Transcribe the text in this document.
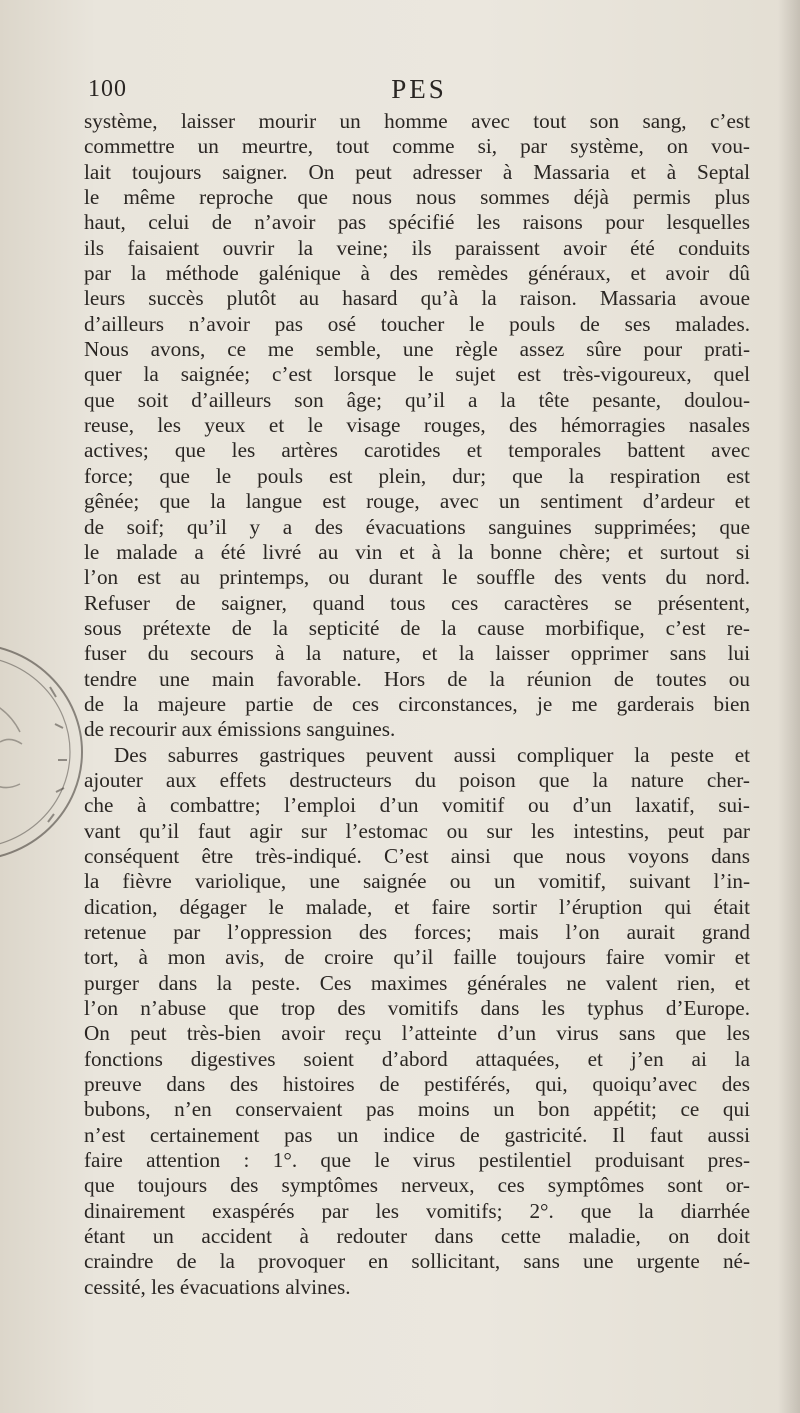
100	PES
système, laisser mourir un homme avec tout son sang, c’est
commettre un meurtre, tout comme si, par système, on vou-
lait toujours saigner. On peut adresser à Massaria et à Septal
le même reproche que nous nous sommes déjà permis plus
haut, celui de n’avoir pas spécifié les raisons pour lesquelles
ils faisaient ouvrir la veine; ils paraissent avoir été conduits
par la méthode galénique à des remèdes généraux, et avoir dû
leurs succès plutôt au hasard qu’à la raison. Massaria avoue
d’ailleurs n’avoir pas osé toucher le pouls de ses malades.
Nous avons, ce me semble, une règle assez sûre pour prati-
quer la saignée; c’est lorsque le sujet est très-vigoureux, quel
que soit d’ailleurs son âge; qu’il a la tête pesante, doulou-
reuse, les yeux et le visage rouges, des hémorragies nasales
actives; que les artères carotides et temporales battent avec
force; que le pouls est plein, dur; que la respiration est
gênée; que la langue est rouge, avec un sentiment d’ardeur et
de soif; qu’il y a des évacuations sanguines supprimées; que
le malade a été livré au vin et à la bonne chère; et surtout si
l’on est au printemps, ou durant le souffle des vents du nord.
Refuser de saigner, quand tous ces caractères se présentent,
sous prétexte de la septicité de la cause morbifique, c’est re-
fuser du secours à la nature, et la laisser opprimer sans lui
tendre une main favorable. Hors de la réunion de toutes ou
de la majeure partie de ces circonstances, je me garderais bien
de recourir aux émissions sanguines.
Des saburres gastriques peuvent aussi compliquer la peste et
ajouter aux effets destructeurs du poison que la nature cher-
che à combattre; l’emploi d’un vomitif ou d’un laxatif, sui-
vant qu’il faut agir sur l’estomac ou sur les intestins, peut par
conséquent être très-indiqué. C’est ainsi que nous voyons dans
la fièvre variolique, une saignée ou un vomitif, suivant l’in-
dication, dégager le malade, et faire sortir l’éruption qui était
retenue par l’oppression des forces; mais l’on aurait grand
tort, à mon avis, de croire qu’il faille toujours faire vomir et
purger dans la peste. Ces maximes générales ne valent rien, et
l’on n’abuse que trop des vomitifs dans les typhus d’Europe.
On peut très-bien avoir reçu l’atteinte d’un virus sans que les
fonctions digestives soient d’abord attaquées, et j’en ai la
preuve dans des histoires de pestiférés, qui, quoiqu’avec des
bubons, n’en conservaient pas moins un bon appétit; ce qui
n’est certainement pas un indice de gastricité. Il faut aussi
faire attention : 1°. que le virus pestilentiel produisant pres-
que toujours des symptômes nerveux, ces symptômes sont or-
dinairement exaspérés par les vomitifs; 2°. que la diarrhée
étant un accident à redouter dans cette maladie, on doit
craindre de la provoquer en sollicitant, sans une urgente né-
cessité, les évacuations alvines.
